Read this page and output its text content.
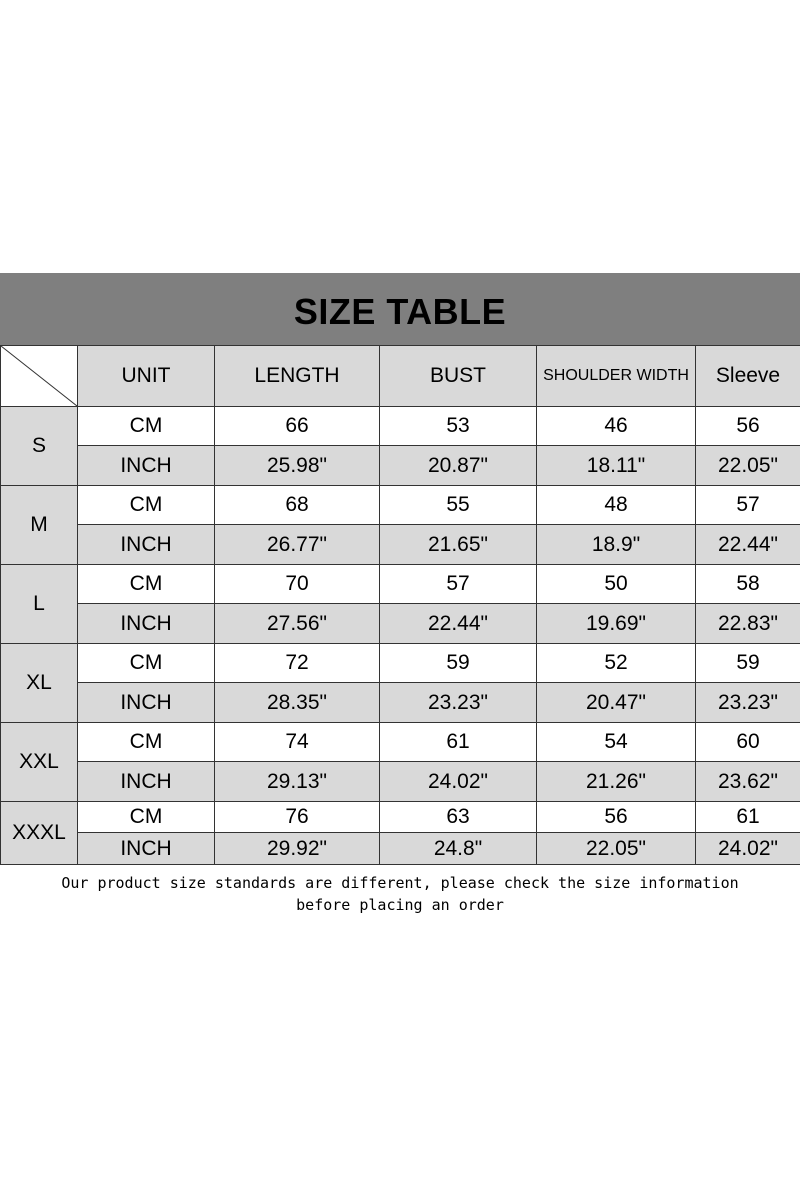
SIZE TABLE
	UNIT	LENGTH	BUST	SHOULDER WIDTH	Sleeve
S	CM	66	53	46	56
	INCH	25.98"	20.87"	18.11"	22.05"
M	CM	68	55	48	57
	INCH	26.77"	21.65"	18.9"	22.44"
L	CM	70	57	50	58
	INCH	27.56"	22.44"	19.69"	22.83"
XL	CM	72	59	52	59
	INCH	28.35"	23.23"	20.47"	23.23"
XXL	CM	74	61	54	60
	INCH	29.13"	24.02"	21.26"	23.62"
XXXL	CM	76	63	56	61
	INCH	29.92"	24.8"	22.05"	24.02"
Our product size standards are different, please check the size information
before placing an order
